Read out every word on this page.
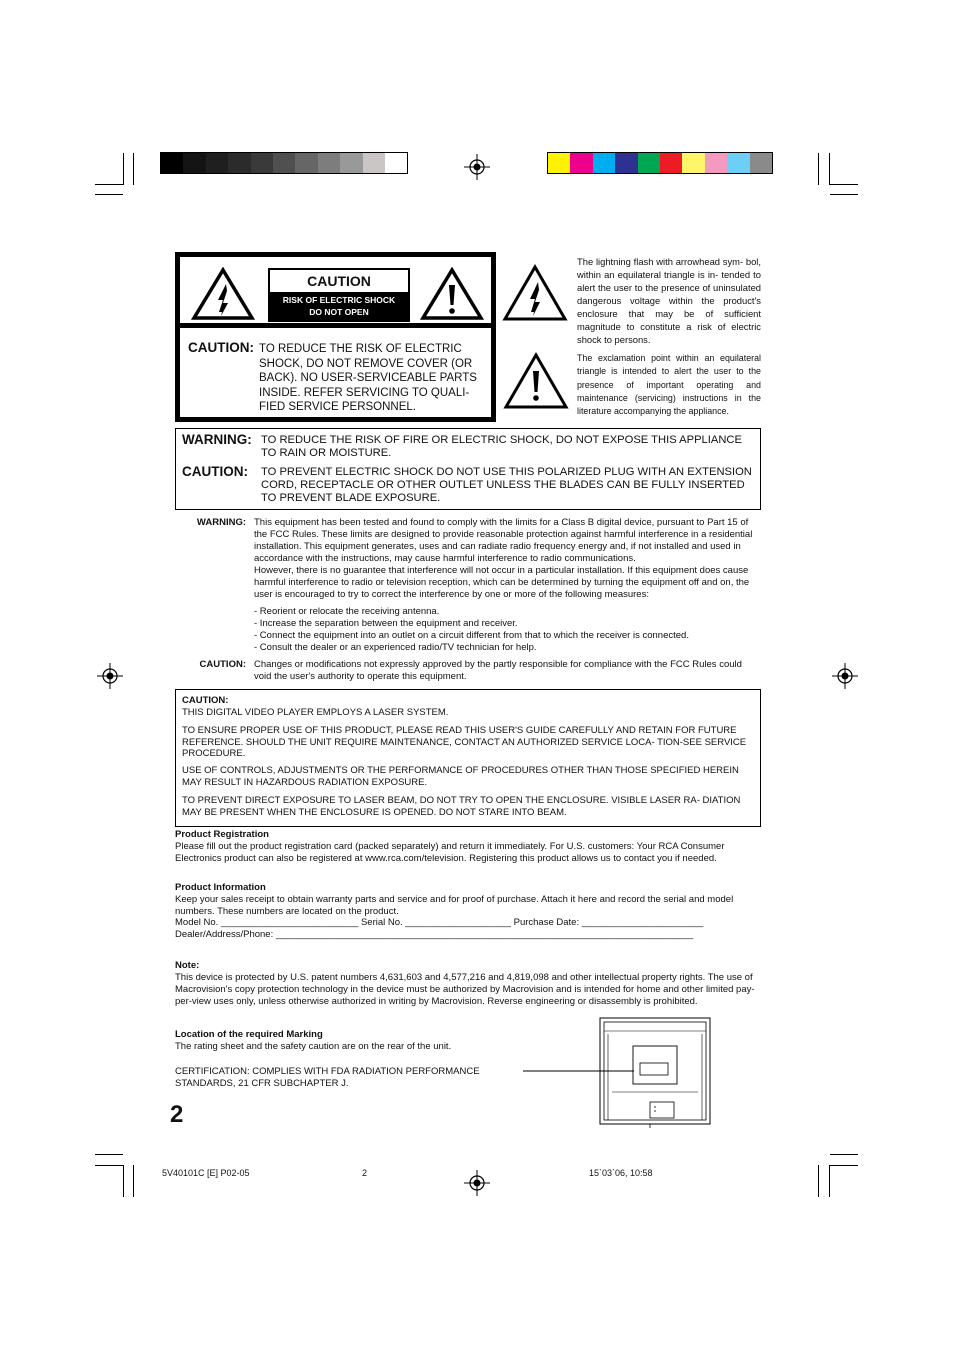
CAUTION
RISK OF ELECTRIC SHOCK
DO NOT OPEN
CAUTION: TO REDUCE THE RISK OF ELECTRIC SHOCK, DO NOT REMOVE COVER (OR BACK). NO USER-SERVICEABLE PARTS INSIDE. REFER SERVICING TO QUALI- FIED SERVICE PERSONNEL.
The lightning flash with arrowhead sym- bol, within an equilateral triangle is in- tended to alert the user to the presence of uninsulated dangerous voltage within the product's enclosure that may be of sufficient magnitude to constitute a risk of electric shock to persons.
The exclamation point within an equilateral triangle is intended to alert the user to the presence of important operating and maintenance (servicing) instructions in the literature accompanying the appliance.
WARNING: TO REDUCE THE RISK OF FIRE OR ELECTRIC SHOCK, DO NOT EXPOSE THIS APPLIANCE TO RAIN OR MOISTURE.
CAUTION: TO PREVENT ELECTRIC SHOCK DO NOT USE THIS POLARIZED PLUG WITH AN EXTENSION CORD, RECEPTACLE OR OTHER OUTLET UNLESS THE BLADES CAN BE FULLY INSERTED TO PREVENT BLADE EXPOSURE.
WARNING: This equipment has been tested and found to comply with the limits for a Class B digital device, pursuant to Part 15 of the FCC Rules. These limits are designed to provide reasonable protection against harmful interference in a residential installation. This equipment generates, uses and can radiate radio frequency energy and, if not installed and used in accordance with the instructions, may cause harmful interference to radio communications.
However, there is no guarantee that interference will not occur in a particular installation. If this equipment does cause harmful interference to radio or television reception, which can be determined by turning the equipment off and on, the user is encouraged to try to correct the interference by one or more of the following measures:
- Reorient or relocate the receiving antenna.
- Increase the separation between the equipment and receiver.
- Connect the equipment into an outlet on a circuit different from that to which the receiver is connected.
- Consult the dealer or an experienced radio/TV technician for help.
CAUTION: Changes or modifications not expressly approved by the partly responsible for compliance with the FCC Rules could void the user's authority to operate this equipment.

CAUTION:

THIS DIGITAL VIDEO PLAYER EMPLOYS A LASER SYSTEM.

TO ENSURE PROPER USE OF THIS PRODUCT, PLEASE READ THIS USER'S GUIDE CAREFULLY AND RETAIN FOR FUTURE REFERENCE. SHOULD THE UNIT REQUIRE MAINTENANCE, CONTACT AN AUTHORIZED SERVICE LOCA- TION-SEE SERVICE PROCEDURE.

USE OF CONTROLS, ADJUSTMENTS OR THE PERFORMANCE OF PROCEDURES OTHER THAN THOSE SPECIFIED HEREIN MAY RESULT IN HAZARDOUS RADIATION EXPOSURE.

TO PREVENT DIRECT EXPOSURE TO LASER BEAM, DO NOT TRY TO OPEN THE ENCLOSURE. VISIBLE LASER RA- DIATION MAY BE PRESENT WHEN THE ENCLOSURE IS OPENED. DO NOT STARE INTO BEAM.

Product Registration

Please fill out the product registration card (packed separately) and return it immediately. For U.S. customers: Your RCA Consumer Electronics product can also be registered at www.rca.com/television. Registering this product allows us to contact you if needed.

Product Information

Keep your sales receipt to obtain warranty parts and service and for proof of purchase. Attach it here and record the serial and model numbers. These numbers are located on the product.

Model No. __________________________ Serial No. ____________________ Purchase Date: _______________________

Dealer/Address/Phone: _______________________________________________________________________________

Note:

This device is protected by U.S. patent numbers 4,631,603 and 4,577,216 and 4,819,098 and other intellectual property rights. The use of Macrovision's copy protection technology in the device must be authorized by Macrovision and is intended for home and other limited pay-per-view uses only, unless otherwise authorized in writing by Macrovision. Reverse engineering or disassembly is prohibited.

Location of the required Marking

The rating sheet and the safety caution are on the rear of the unit.

CERTIFICATION: COMPLIES WITH FDA RADIATION PERFORMANCE STANDARDS, 21 CFR SUBCHAPTER J.

2
5V40101C [E] P02-05	2	15`03`06, 10:58
